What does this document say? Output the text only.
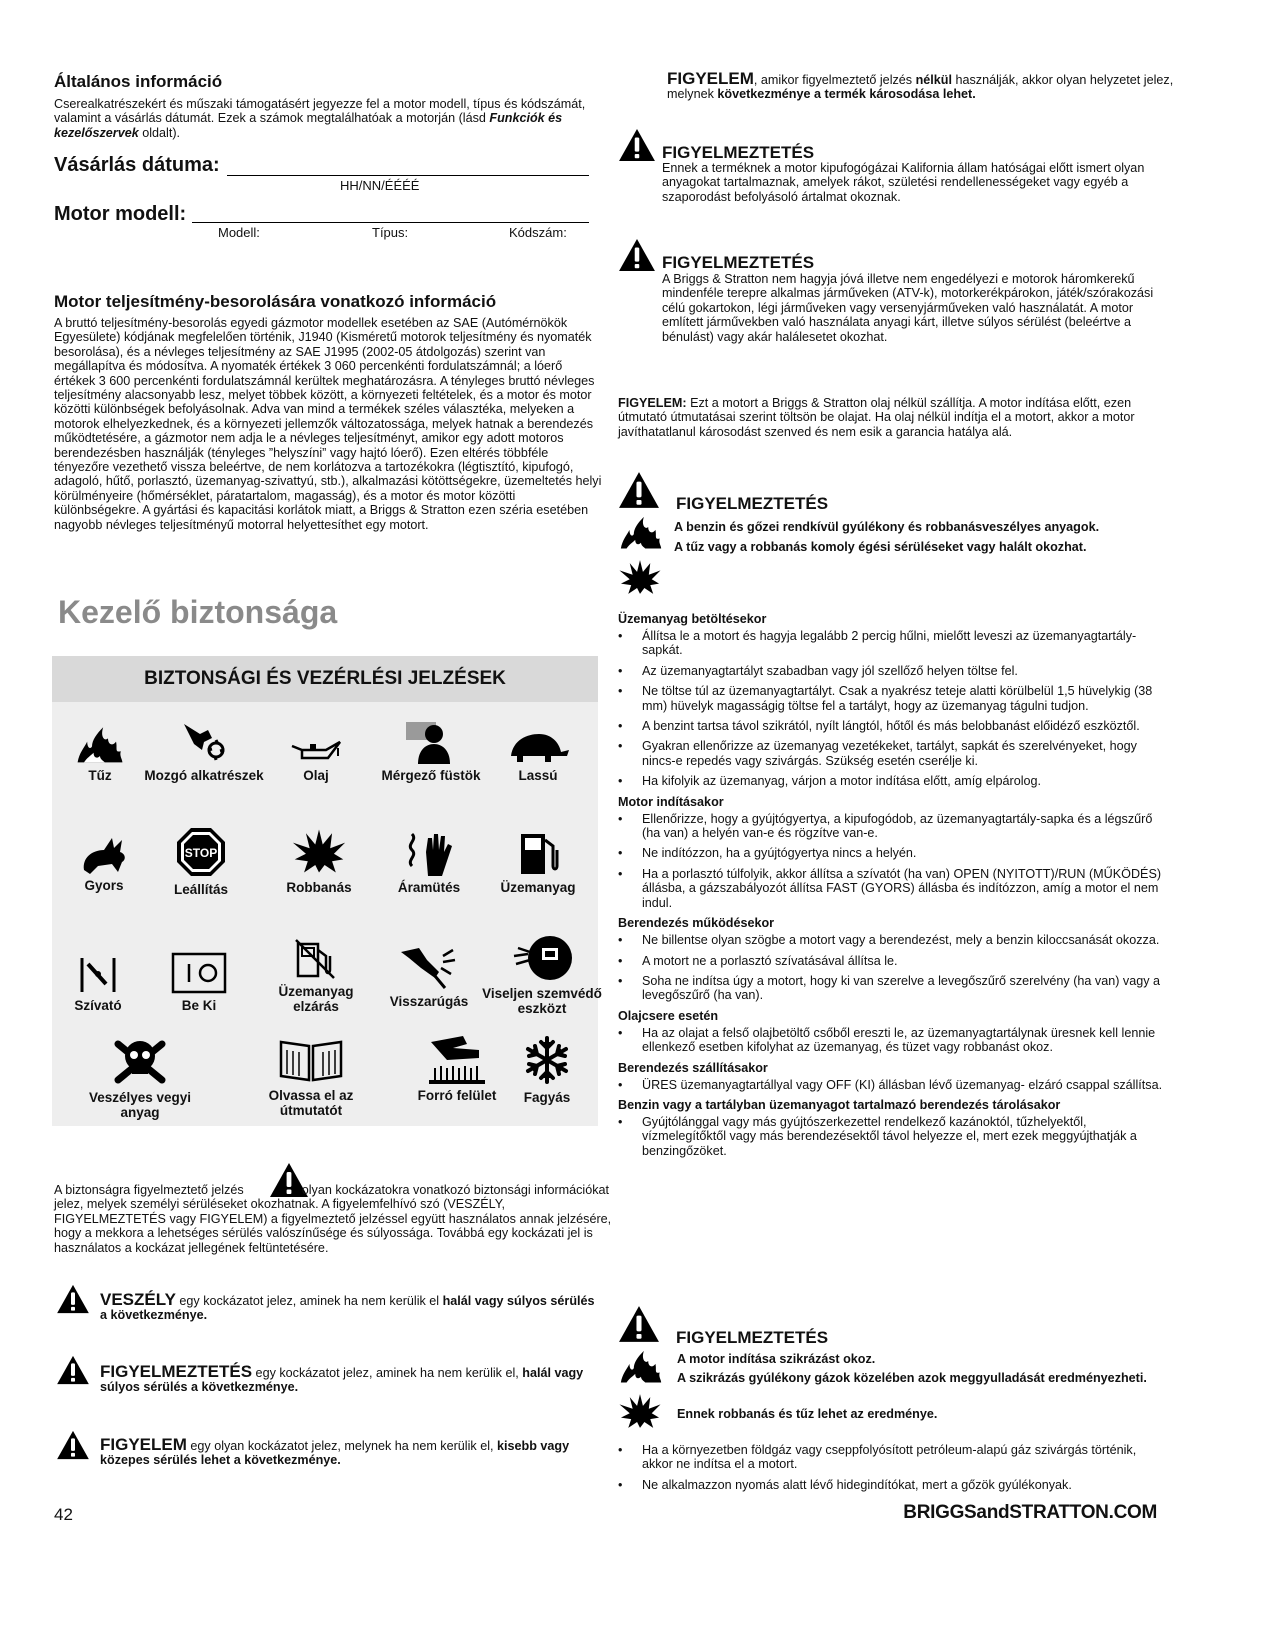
Általános információ
Cserealkatrészekért és műszaki támogatásért jegyezze fel a motor modell, típus és kódszámát, valamint a vásárlás dátumát. Ezek a számok megtalálhatóak a motorján (lásd Funkciók és kezelőszervek oldalt).
Vásárlás dátuma:
HH/NN/ÉÉÉÉ
Motor modell:
Modell:	Típus:	Kódszám:
Motor teljesítmény-besorolására vonatkozó információ
A bruttó teljesítmény-besorolás egyedi gázmotor modellek esetében az SAE (Autómérnökök Egyesülete) kódjának megfelelően történik, J1940 (Kisméretű motorok teljesítmény és nyomaték besorolása), és a névleges teljesítmény az SAE J1995 (2002-05 átdolgozás) szerint van megállapítva és módosítva. A nyomaték értékek 3 060 percenkénti fordulatszámnál; a lóerő értékek 3 600 percenkénti fordulatszámnál kerültek meghatározásra. A tényleges bruttó névleges teljesítmény alacsonyabb lesz, melyet többek között, a környezeti feltételek, és a motor és motor közötti különbségek befolyásolnak. Adva van mind a termékek széles választéka, melyeken a motorok elhelyezkednek, és a környezeti jellemzők változatossága, melyek hatnak a berendezés működtetésére, a gázmotor nem adja le a névleges teljesítményt, amikor egy adott motoros berendezésben használják (tényleges ”helyszíni” vagy hajtó lóerő). Ezen eltérés többféle tényezőre vezethető vissza beleértve, de nem korlátozva a tartozékokra (légtisztító, kipufogó, adagoló, hűtő, porlasztó, üzemanyag-szivattyú, stb.), alkalmazási kötöttségekre, üzemeltetés helyi körülményeire (hőmérséklet, páratartalom, magasság), és a motor és motor közötti különbségekre. A gyártási és kapacitási korlátok miatt, a Briggs & Stratton ezen széria esetében nagyobb névleges teljesítményű motorral helyettesíthet egy motort.
Kezelő biztonsága
BIZTONSÁGI ÉS VEZÉRLÉSI JELZÉSEK
Tűz	Mozgó alkatrészek	Olaj	Mérgező füstök	Lassú
Gyors
STOP
Leállítás	Robbanás	Áramütés	Üzemanyag
Szívató	Be Ki
Üzemanyag elzárás	Visszarúgás
Viseljen szemvédő eszközt
Veszélyes vegyi anyag
Olvassa el az útmutatót
Forró felület	Fagyás
A biztonságra figyelmeztető jelzés	olyan kockázatokra vonatkozó biztonsági információkat jelez, melyek személyi sérüléseket okozhatnak. A figyelemfelhívó szó (VESZÉLY, FIGYELMEZTETÉS vagy FIGYELEM) a figyelmeztető jelzéssel együtt használatos annak jelzésére, hogy a mekkora a lehetséges sérülés valószínűsége és súlyossága. Továbbá egy kockázati jel is használatos a kockázat jellegének feltüntetésére.
VESZÉLY egy kockázatot jelez, aminek ha nem kerülik el halál vagy súlyos sérülés a következménye.
FIGYELMEZTETÉS egy kockázatot jelez, aminek ha nem kerülik el, halál vagy súlyos sérülés a következménye.
FIGYELEM egy olyan kockázatot jelez, melynek ha nem kerülik el, kisebb vagy közepes sérülés lehet a következménye.
FIGYELEM, amikor figyelmeztető jelzés nélkül használják, akkor olyan helyzetet jelez, melynek következménye a termék károsodása lehet.
FIGYELMEZTETÉS
Ennek a terméknek a motor kipufogógázai Kalifornia állam hatóságai előtt ismert olyan anyagokat tartalmaznak, amelyek rákot, születési rendellenességeket vagy egyéb a szaporodást befolyásoló ártalmat okoznak.
FIGYELMEZTETÉS
A Briggs & Stratton nem hagyja jóvá illetve nem engedélyezi e motorok háromkerekű mindenféle terepre alkalmas járműveken (ATV-k), motorkerékpárokon, játék/szórakozási célú gokartokon, légi járműveken vagy versenyjárműveken való használatát. A motor említett járművekben való használata anyagi kárt, illetve súlyos sérülést (beleértve a bénulást) vagy akár halálesetet okozhat.
FIGYELEM: Ezt a motort a Briggs & Stratton olaj nélkül szállítja. A motor indítása előtt, ezen útmutató útmutatásai szerint töltsön be olajat. Ha olaj nélkül indítja el a motort, akkor a motor javíthatatlanul károsodást szenved és nem esik a garancia hatálya alá.
FIGYELMEZTETÉS
A benzin és gőzei rendkívül gyúlékony és robbanásveszélyes anyagok.
A tűz vagy a robbanás komoly égési sérüléseket vagy halált okozhat.
Üzemanyag betöltésekor
• Állítsa le a motort és hagyja legalább 2 percig hűlni, mielőtt leveszi az üzemanyagtartály-sapkát.
• Az üzemanyagtartályt szabadban vagy jól szellőző helyen töltse fel.
• Ne töltse túl az üzemanyagtartályt. Csak a nyakrész teteje alatti körülbelül 1,5 hüvelykig (38 mm) hüvelyk magasságig töltse fel a tartályt, hogy az üzemanyag tágulni tudjon.
• A benzint tartsa távol szikrától, nyílt lángtól, hőtől és más belobbanást előidéző eszköztől.
• Gyakran ellenőrizze az üzemanyag vezetékeket, tartályt, sapkát és szerelvényeket, hogy nincs-e repedés vagy szivárgás. Szükség esetén cserélje ki.
• Ha kifolyik az üzemanyag, várjon a motor indítása előtt, amíg elpárolog.
Motor indításakor
• Ellenőrizze, hogy a gyújtógyertya, a kipufogódob, az üzemanyagtartály-sapka és a légszűrő (ha van) a helyén van-e és rögzítve van-e.
• Ne indítózzon, ha a gyújtógyertya nincs a helyén.
• Ha a porlasztó túlfolyik, akkor állítsa a szívatót (ha van) OPEN (NYITOTT)/RUN (MŰKÖDÉS) állásba, a gázszabályozót állítsa FAST (GYORS) állásba és indítózzon, amíg a motor el nem indul.
Berendezés működésekor
• Ne billentse olyan szögbe a motort vagy a berendezést, mely a benzin kiloccsanását okozza.
• A motort ne a porlasztó szívatásával állítsa le.
• Soha ne indítsa úgy a motort, hogy ki van szerelve a levegőszűrő szerelvény (ha van) vagy a levegőszűrő (ha van).
Olajcsere esetén
• Ha az olajat a felső olajbetöltő csőből ereszti le, az üzemanyagtartálynak üresnek kell lennie ellenkező esetben kifolyhat az üzemanyag, és tüzet vagy robbanást okoz.
Berendezés szállításakor
• ÜRES üzemanyagtartállyal vagy OFF (KI) állásban lévő üzemanyag- elzáró csappal szállítsa.
Benzin vagy a tartályban üzemanyagot tartalmazó berendezés tárolásakor
• Gyújtólánggal vagy más gyújtószerkezettel rendelkező kazánoktól, tűzhelyektől, vízmelegítőktől vagy más berendezésektől távol helyezze el, mert ezek meggyújthatják a benzingőzöket.
FIGYELMEZTETÉS
A motor indítása szikrázást okoz.
A szikrázás gyúlékony gázok közelében azok meggyulladását eredményezheti.
Ennek robbanás és tűz lehet az eredménye.
• Ha a környezetben földgáz vagy cseppfolyósított petróleum-alapú gáz szivárgás történik, akkor ne indítsa el a motort.
• Ne alkalmazzon nyomás alatt lévő hidegindítókat, mert a gőzök gyúlékonyak.
42	BRIGGSandSTRATTON.COM
